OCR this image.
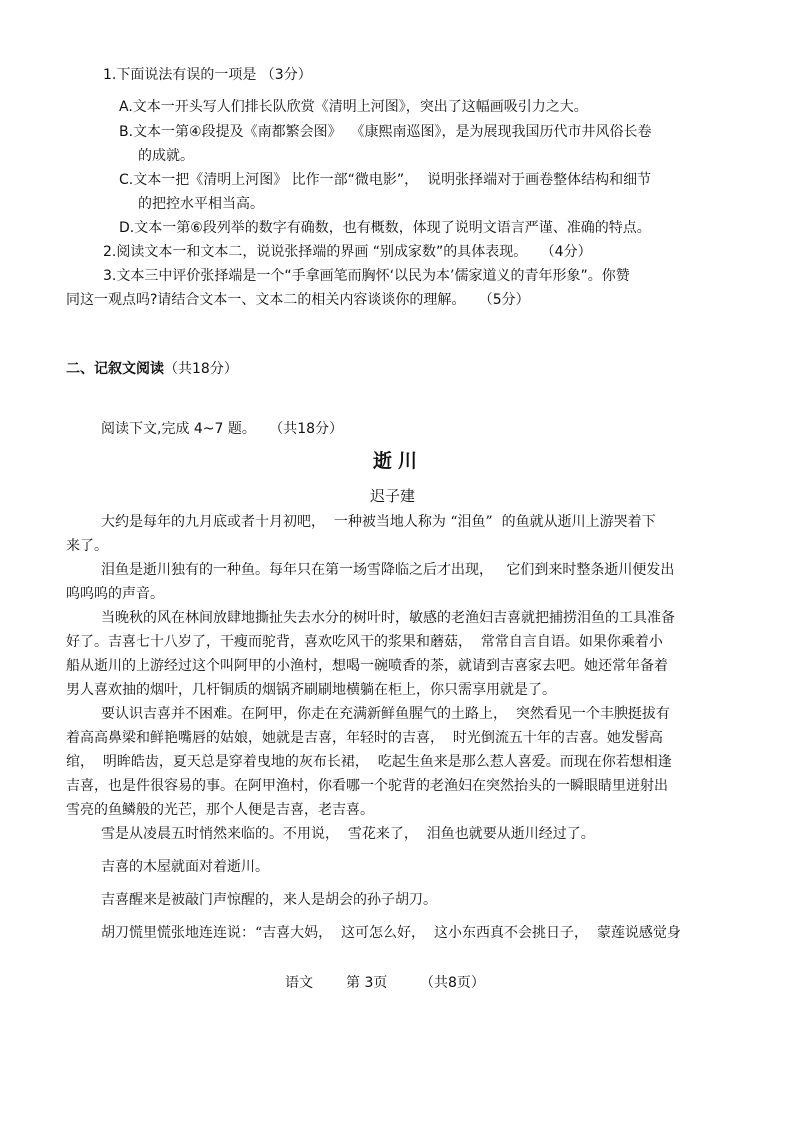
1.下面说法有误的一项是 （3分）
A.文本一开头写人们排长队欣赏《清明上河图》，突出了这幅画吸引力之大。
B.文本一第④段提及《南都繁会图》  《康熙南巡图》，是为展现我国历代市井风俗长卷
的成就。
C.文本一把《清明上河图》 比作一部“微电影”，  说明张择端对于画卷整体结构和细节
的把控水平相当高。
D.文本一第⑥段列举的数字有确数，也有概数，体现了说明文语言严谨、准确的特点。
2.阅读文本一和文本二，说说张择端的界画 “别成家数”的具体表现。   （4分）
3.文本三中评价张择端是一个“手拿画笔而胸怀‘以民为本’儒家道义的青年形象”。你赞
同这一观点吗?请结合文本一、文本二的相关内容谈谈你的理解。   （5分）
二、记叙文阅读（共18分）
阅读下文,完成 4~7 题。   （共18分）
逝川
迟子建
大约是每年的九月底或者十月初吧，  一种被当地人称为 “泪鱼”  的鱼就从逝川上游哭着下
来了。
泪鱼是逝川独有的一种鱼。每年只在第一场雪降临之后才出现，   它们到来时整条逝川便发出
呜呜呜的声音。
当晚秋的风在林间放肆地撕扯失去水分的树叶时，敏感的老渔妇吉喜就把捕捞泪鱼的工具准备
好了。吉喜七十八岁了，干瘦而驼背，喜欢吃风干的浆果和蘑菇，  常常自言自语。如果你乘着小
船从逝川的上游经过这个叫阿甲的小渔村，想喝一碗喷香的茶，就请到吉喜家去吧。她还常年备着
男人喜欢抽的烟叶，几杆铜质的烟锅齐刷刷地横躺在柜上，你只需享用就是了。
要认识吉喜并不困难。在阿甲，你走在充满新鲜鱼腥气的土路上，  突然看见一个丰腴挺拔有
着高高鼻梁和鲜艳嘴唇的姑娘，她就是吉喜，年轻时的吉喜，  时光倒流五十年的吉喜。她发髻高
绾，  明眸皓齿，夏天总是穿着曳地的灰布长裙，  吃起生鱼来是那么惹人喜爱。而现在你若想相逢
吉喜，也是件很容易的事。在阿甲渔村，你看哪一个驼背的老渔妇在突然抬头的一瞬眼睛里迸射出
雪亮的鱼鳞般的光芒，那个人便是吉喜，老吉喜。
雪是从凌晨五时悄然来临的。不用说，  雪花来了，  泪鱼也就要从逝川经过了。
吉喜的木屋就面对着逝川。
吉喜醒来是被敲门声惊醒的，来人是胡会的孙子胡刀。
胡刀慌里慌张地连连说：“吉喜大妈，  这可怎么好，  这小东西真不会挑日子，  蒙莲说感觉身
语文 第 3页 （共8页）
